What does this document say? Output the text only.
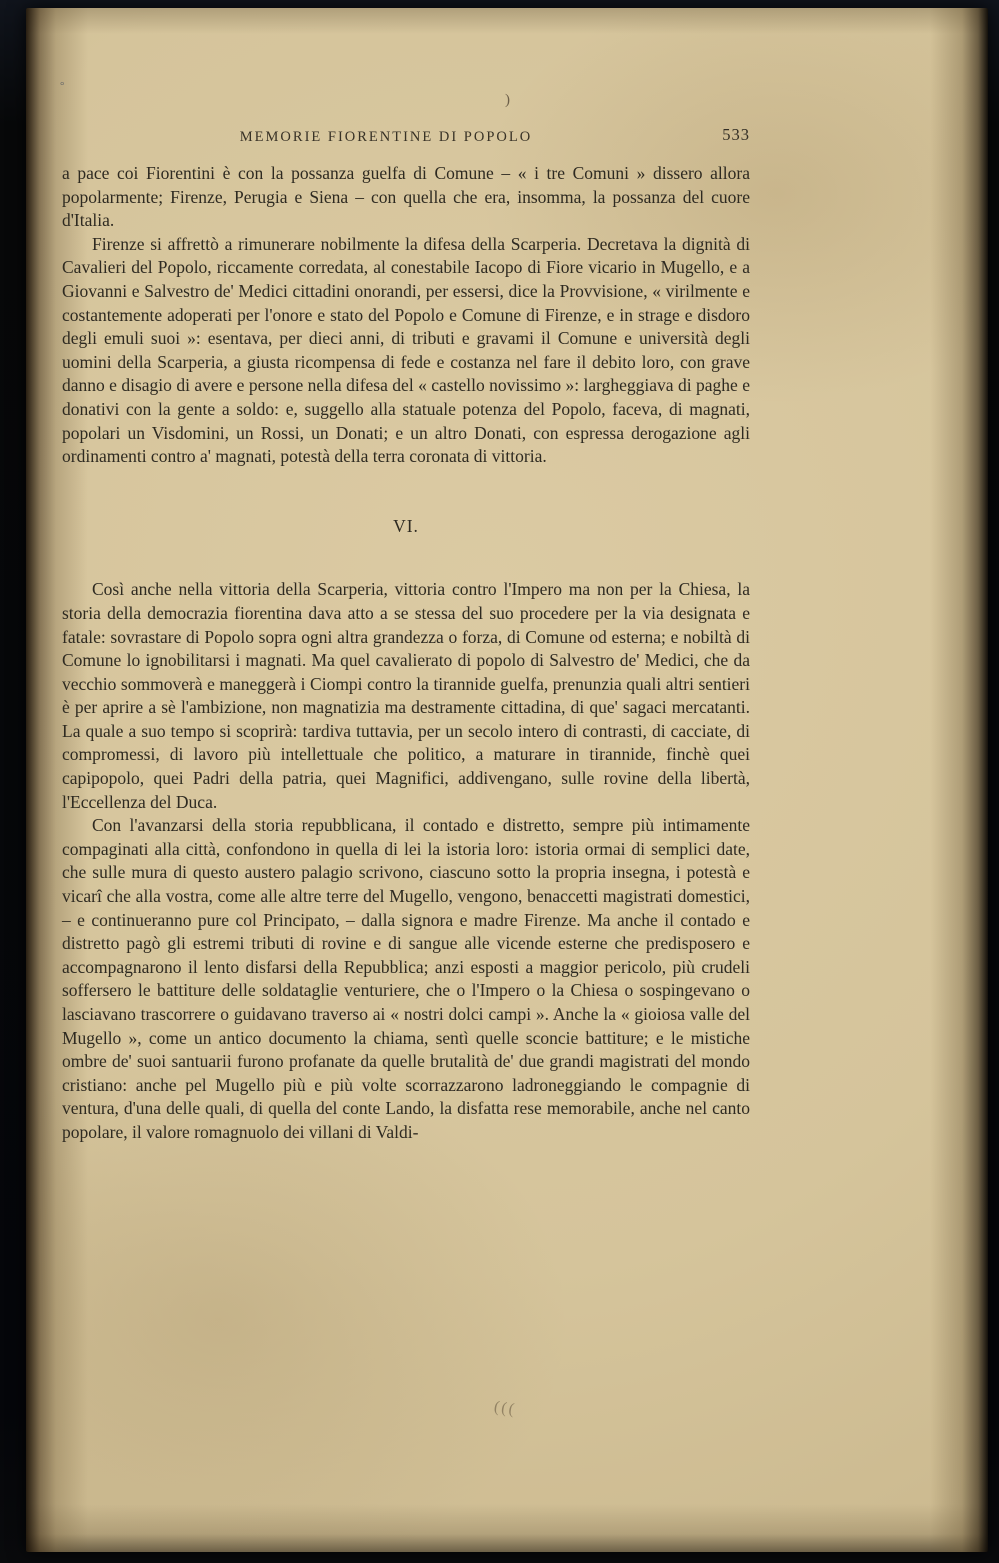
)
°
(((
MEMORIE FIORENTINE DI POPOLO	533

a pace coi Fiorentini è con la possanza guelfa di Comune – « i tre Comuni » dissero allora popolarmente; Firenze, Perugia e Siena – con quella che era, insomma, la possanza del cuore d'Italia.

Firenze si affrettò a rimunerare nobilmente la difesa della Scarperia. Decretava la dignità di Cavalieri del Popolo, riccamente corredata, al conestabile Iacopo di Fiore vicario in Mugello, e a Giovanni e Salvestro de' Medici cittadini onorandi, per essersi, dice la Provvisione, « virilmente e costantemente adoperati per l'onore e stato del Popolo e Comune di Firenze, e in strage e disdoro degli emuli suoi »: esentava, per dieci anni, di tributi e gravami il Comune e università degli uomini della Scarperia, a giusta ricompensa di fede e costanza nel fare il debito loro, con grave danno e disagio di avere e persone nella difesa del « castello novissimo »: largheggiava di paghe e donativi con la gente a soldo: e, suggello alla statuale potenza del Popolo, faceva, di magnati, popolari un Visdomini, un Rossi, un Donati; e un altro Donati, con espressa derogazione agli ordinamenti contro a' magnati, potestà della terra coronata di vittoria.

VI.

Così anche nella vittoria della Scarperia, vittoria contro l'Impero ma non per la Chiesa, la storia della democrazia fiorentina dava atto a se stessa del suo procedere per la via designata e fatale: sovrastare di Popolo sopra ogni altra grandezza o forza, di Comune od esterna; e nobiltà di Comune lo ignobilitarsi i magnati. Ma quel cavalierato di popolo di Salvestro de' Medici, che da vecchio sommoverà e maneggerà i Ciompi contro la tirannide guelfa, prenunzia quali altri sentieri è per aprire a sè l'ambizione, non magnatizia ma destramente cittadina, di que' sagaci mercatanti. La quale a suo tempo si scoprirà: tardiva tuttavia, per un secolo intero di contrasti, di cacciate, di compromessi, di lavoro più intellettuale che politico, a maturare in tirannide, finchè quei capipopolo, quei Padri della patria, quei Magnifici, addivengano, sulle rovine della libertà, l'Eccellenza del Duca.

Con l'avanzarsi della storia repubblicana, il contado e distretto, sempre più intimamente compaginati alla città, confondono in quella di lei la istoria loro: istoria ormai di semplici date, che sulle mura di questo austero palagio scrivono, ciascuno sotto la propria insegna, i potestà e vicarî che alla vostra, come alle altre terre del Mugello, vengono, benaccetti magistrati domestici, – e continueranno pure col Principato, – dalla signora e madre Firenze. Ma anche il contado e distretto pagò gli estremi tributi di rovine e di sangue alle vicende esterne che predisposero e accompagnarono il lento disfarsi della Repubblica; anzi esposti a maggior pericolo, più crudeli soffersero le battiture delle soldataglie venturiere, che o l'Impero o la Chiesa o sospingevano o lasciavano trascorrere o guidavano traverso ai « nostri dolci campi ». Anche la « gioiosa valle del Mugello », come un antico documento la chiama, sentì quelle sconcie battiture; e le mistiche ombre de' suoi santuarii furono profanate da quelle brutalità de' due grandi magistrati del mondo cristiano: anche pel Mugello più e più volte scorrazzarono ladroneggiando le compagnie di ventura, d'una delle quali, di quella del conte Lando, la disfatta rese memorabile, anche nel canto popolare, il valore romagnuolo dei villani di Valdi-
